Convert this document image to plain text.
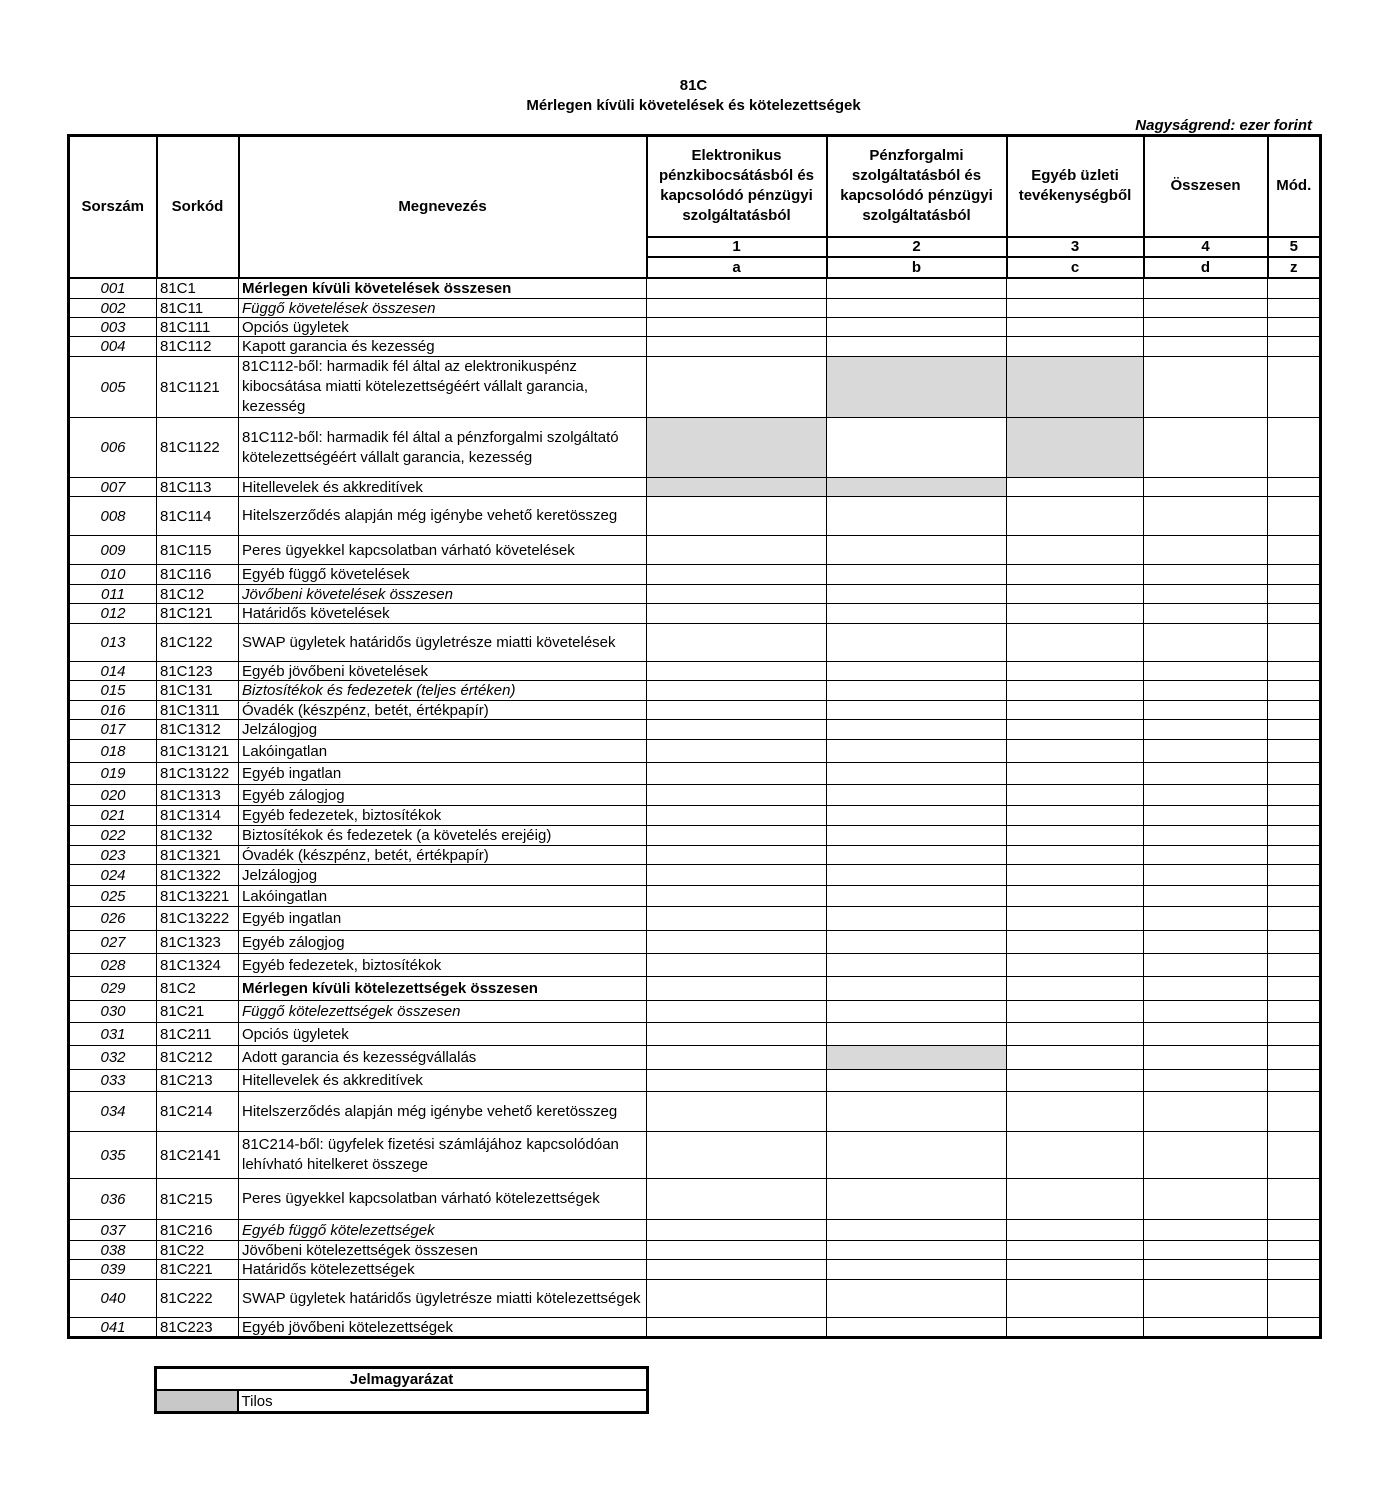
81C
Mérlegen kívüli követelések és kötelezettségek
Nagyságrend: ezer forint
Sorszám	Sorkód	Megnevezés	Elektronikus pénzkibocsátásból és kapcsolódó pénzügyi szolgáltatásból	Pénzforgalmi szolgáltatásból és kapcsolódó pénzügyi szolgáltatásból	Egyéb üzleti tevékenységből	Összesen	Mód.
			1	2	3	4	5
			a	b	c	d	z
001	81C1	Mérlegen kívüli követelések összesen					
002	81C11	Függő követelések összesen					
003	81C111	Opciós ügyletek					
004	81C112	Kapott garancia és kezesség					
005	81C1121	81C112-ből: harmadik fél által az elektronikuspénz kibocsátása miatti kötelezettségéért vállalt garancia, kezesség					
006	81C1122	81C112-ből: harmadik fél által a pénzforgalmi szolgáltató kötelezettségéért vállalt garancia, kezesség					
007	81C113	Hitellevelek és akkreditívek					
008	81C114	Hitelszerződés alapján még igénybe vehető keretösszeg					
009	81C115	Peres ügyekkel kapcsolatban várható követelések					
010	81C116	Egyéb függő követelések					
011	81C12	Jövőbeni követelések összesen					
012	81C121	Határidős követelések					
013	81C122	SWAP ügyletek határidős ügyletrésze miatti követelések					
014	81C123	Egyéb jövőbeni követelések					
015	81C131	Biztosítékok és fedezetek (teljes értéken)					
016	81C1311	Óvadék (készpénz, betét, értékpapír)					
017	81C1312	Jelzálogjog					
018	81C13121	Lakóingatlan					
019	81C13122	Egyéb ingatlan					
020	81C1313	Egyéb zálogjog					
021	81C1314	Egyéb fedezetek, biztosítékok					
022	81C132	Biztosítékok és fedezetek (a követelés erejéig)					
023	81C1321	Óvadék (készpénz, betét, értékpapír)					
024	81C1322	Jelzálogjog					
025	81C13221	Lakóingatlan					
026	81C13222	Egyéb ingatlan					
027	81C1323	Egyéb zálogjog					
028	81C1324	Egyéb fedezetek, biztosítékok					
029	81C2	Mérlegen kívüli kötelezettségek összesen					
030	81C21	Függő kötelezettségek összesen					
031	81C211	Opciós ügyletek					
032	81C212	Adott garancia és kezességvállalás					
033	81C213	Hitellevelek és akkreditívek					
034	81C214	Hitelszerződés alapján még igénybe vehető keretösszeg					
035	81C2141	81C214-ből: ügyfelek fizetési számlájához kapcsolódóan lehívható hitelkeret összege					
036	81C215	Peres ügyekkel kapcsolatban várható kötelezettségek					
037	81C216	Egyéb függő kötelezettségek					
038	81C22	Jövőbeni kötelezettségek összesen					
039	81C221	Határidős kötelezettségek					
040	81C222	SWAP ügyletek határidős ügyletrésze miatti kötelezettségek					
041	81C223	Egyéb jövőbeni kötelezettségek					
Jelmagyarázat
	Tilos
